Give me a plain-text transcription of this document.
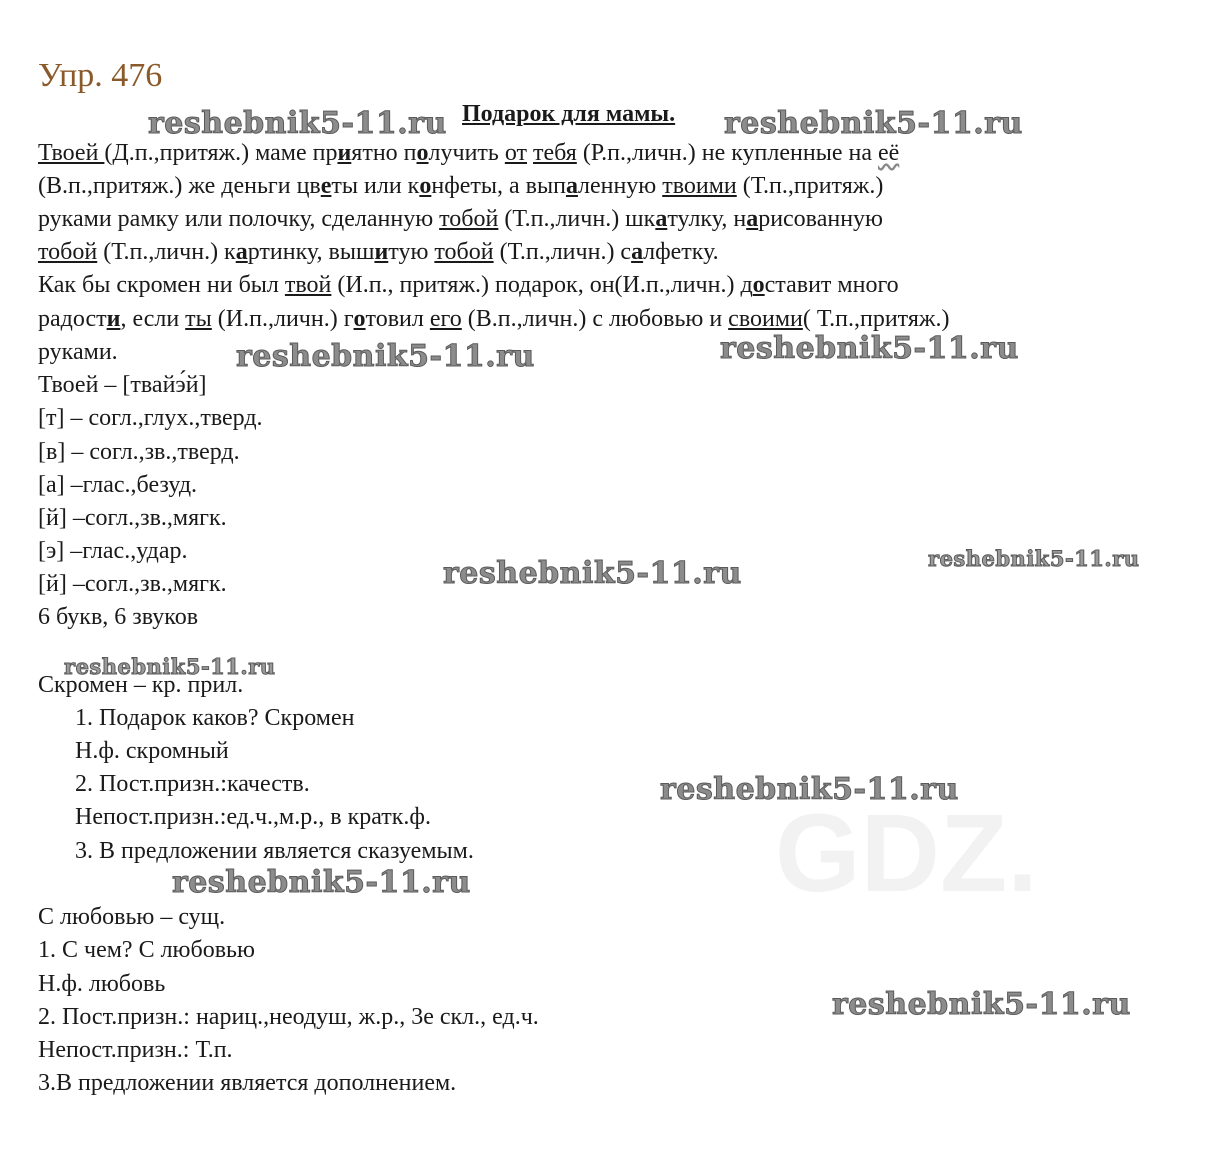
Упр. 476
Подарок для мамы.
Твоей (Д.п.,притяж.) маме приятно получить от тебя (Р.п.,личн.) не купленные на её
(В.п.,притяж.) же деньги цветы или конфеты, а выпаленную твоими (Т.п.,притяж.)
руками рамку или полочку, сделанную тобой (Т.п.,личн.) шкатулку, нарисованную
тобой (Т.п.,личн.) картинку, вышитую тобой (Т.п.,личн.) салфетку.
Как бы скромен ни был твой (И.п., притяж.) подарок, он(И.п.,личн.) доставит много
радости, если ты (И.п.,личн.) готовил его (В.п.,личн.) с любовью и своими( Т.п.,притяж.)
руками.
Твоей – [твайэ́й]
[т] – согл.,глух.,тверд.
[в] – согл.,зв.,тверд.
[а] –глас.,безуд.
[й] –согл.,зв.,мягк.
[э] –глас.,удар.
[й] –согл.,зв.,мягк.
6 букв, 6 звуков
Скромен – кр. прил.
1. Подарок каков? Скромен
Н.ф. скромный
2. Пост.призн.:качеств.
Непост.призн.:ед.ч.,м.р., в кратк.ф.
3. В предложении является сказуемым.
С любовью – сущ.
1. С чем? С любовью
Н.ф. любовь
2. Пост.призн.: нариц.,неодуш, ж.р., 3е скл., ед.ч.
Непост.призн.: Т.п.
3.В предложении является дополнением.
GDZ.
reshebnik5-11.ru	reshebnik5-11.ru
reshebnik5-11.ru	reshebnik5-11.ru
reshebnik5-11.ru	reshebnik5-11.ru
reshebnik5-11.ru
reshebnik5-11.ru
reshebnik5-11.ru
reshebnik5-11.ru
